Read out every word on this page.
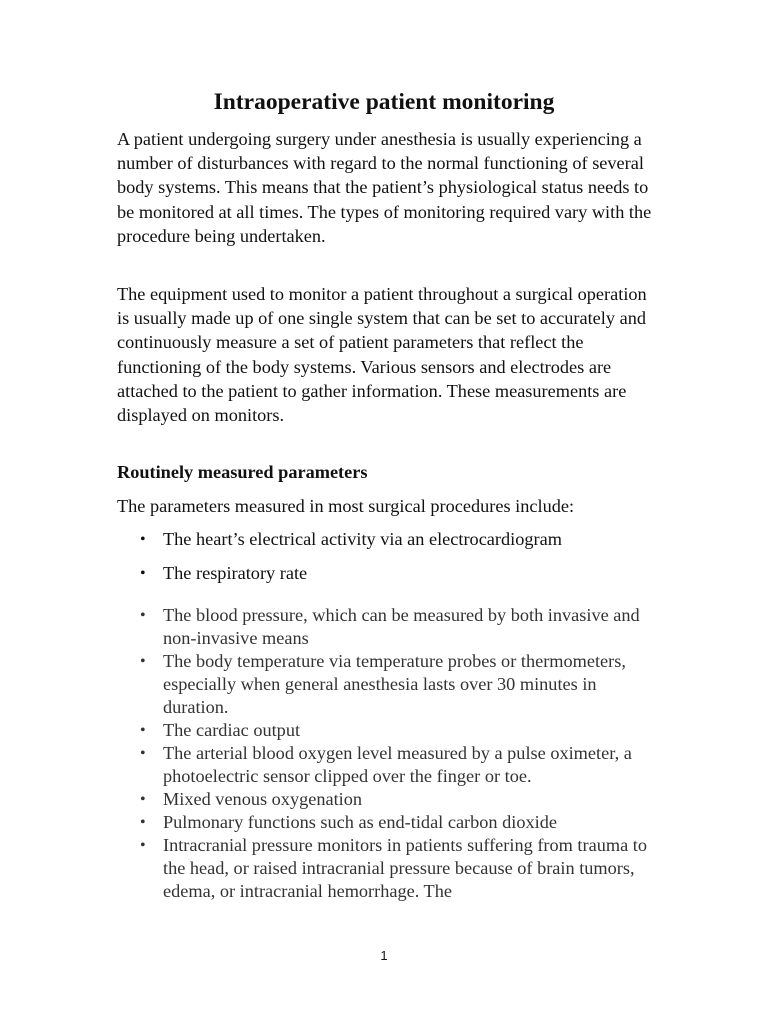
Intraoperative patient monitoring

A patient undergoing surgery under anesthesia is usually experiencing a number of disturbances with regard to the normal functioning of several body systems. This means that the patient’s physiological status needs to be monitored at all times. The types of monitoring required vary with the procedure being undertaken.

The equipment used to monitor a patient throughout a surgical operation is usually made up of one single system that can be set to accurately and continuously measure a set of patient parameters that reflect the functioning of the body systems. Various sensors and electrodes are attached to the patient to gather information. These measurements are displayed on monitors.

Routinely measured parameters

The parameters measured in most surgical procedures include:

• The heart’s electrical activity via an electrocardiogram
• The respiratory rate
• The blood pressure, which can be measured by both invasive and non-invasive means
• The body temperature via temperature probes or thermometers, especially when general anesthesia lasts over 30 minutes in duration.
• The cardiac output
• The arterial blood oxygen level measured by a pulse oximeter, a photoelectric sensor clipped over the finger or toe.
• Mixed venous oxygenation
• Pulmonary functions such as end-tidal carbon dioxide
• Intracranial pressure monitors in patients suffering from trauma to the head, or raised intracranial pressure because of brain tumors, edema, or intracranial hemorrhage. The
1
